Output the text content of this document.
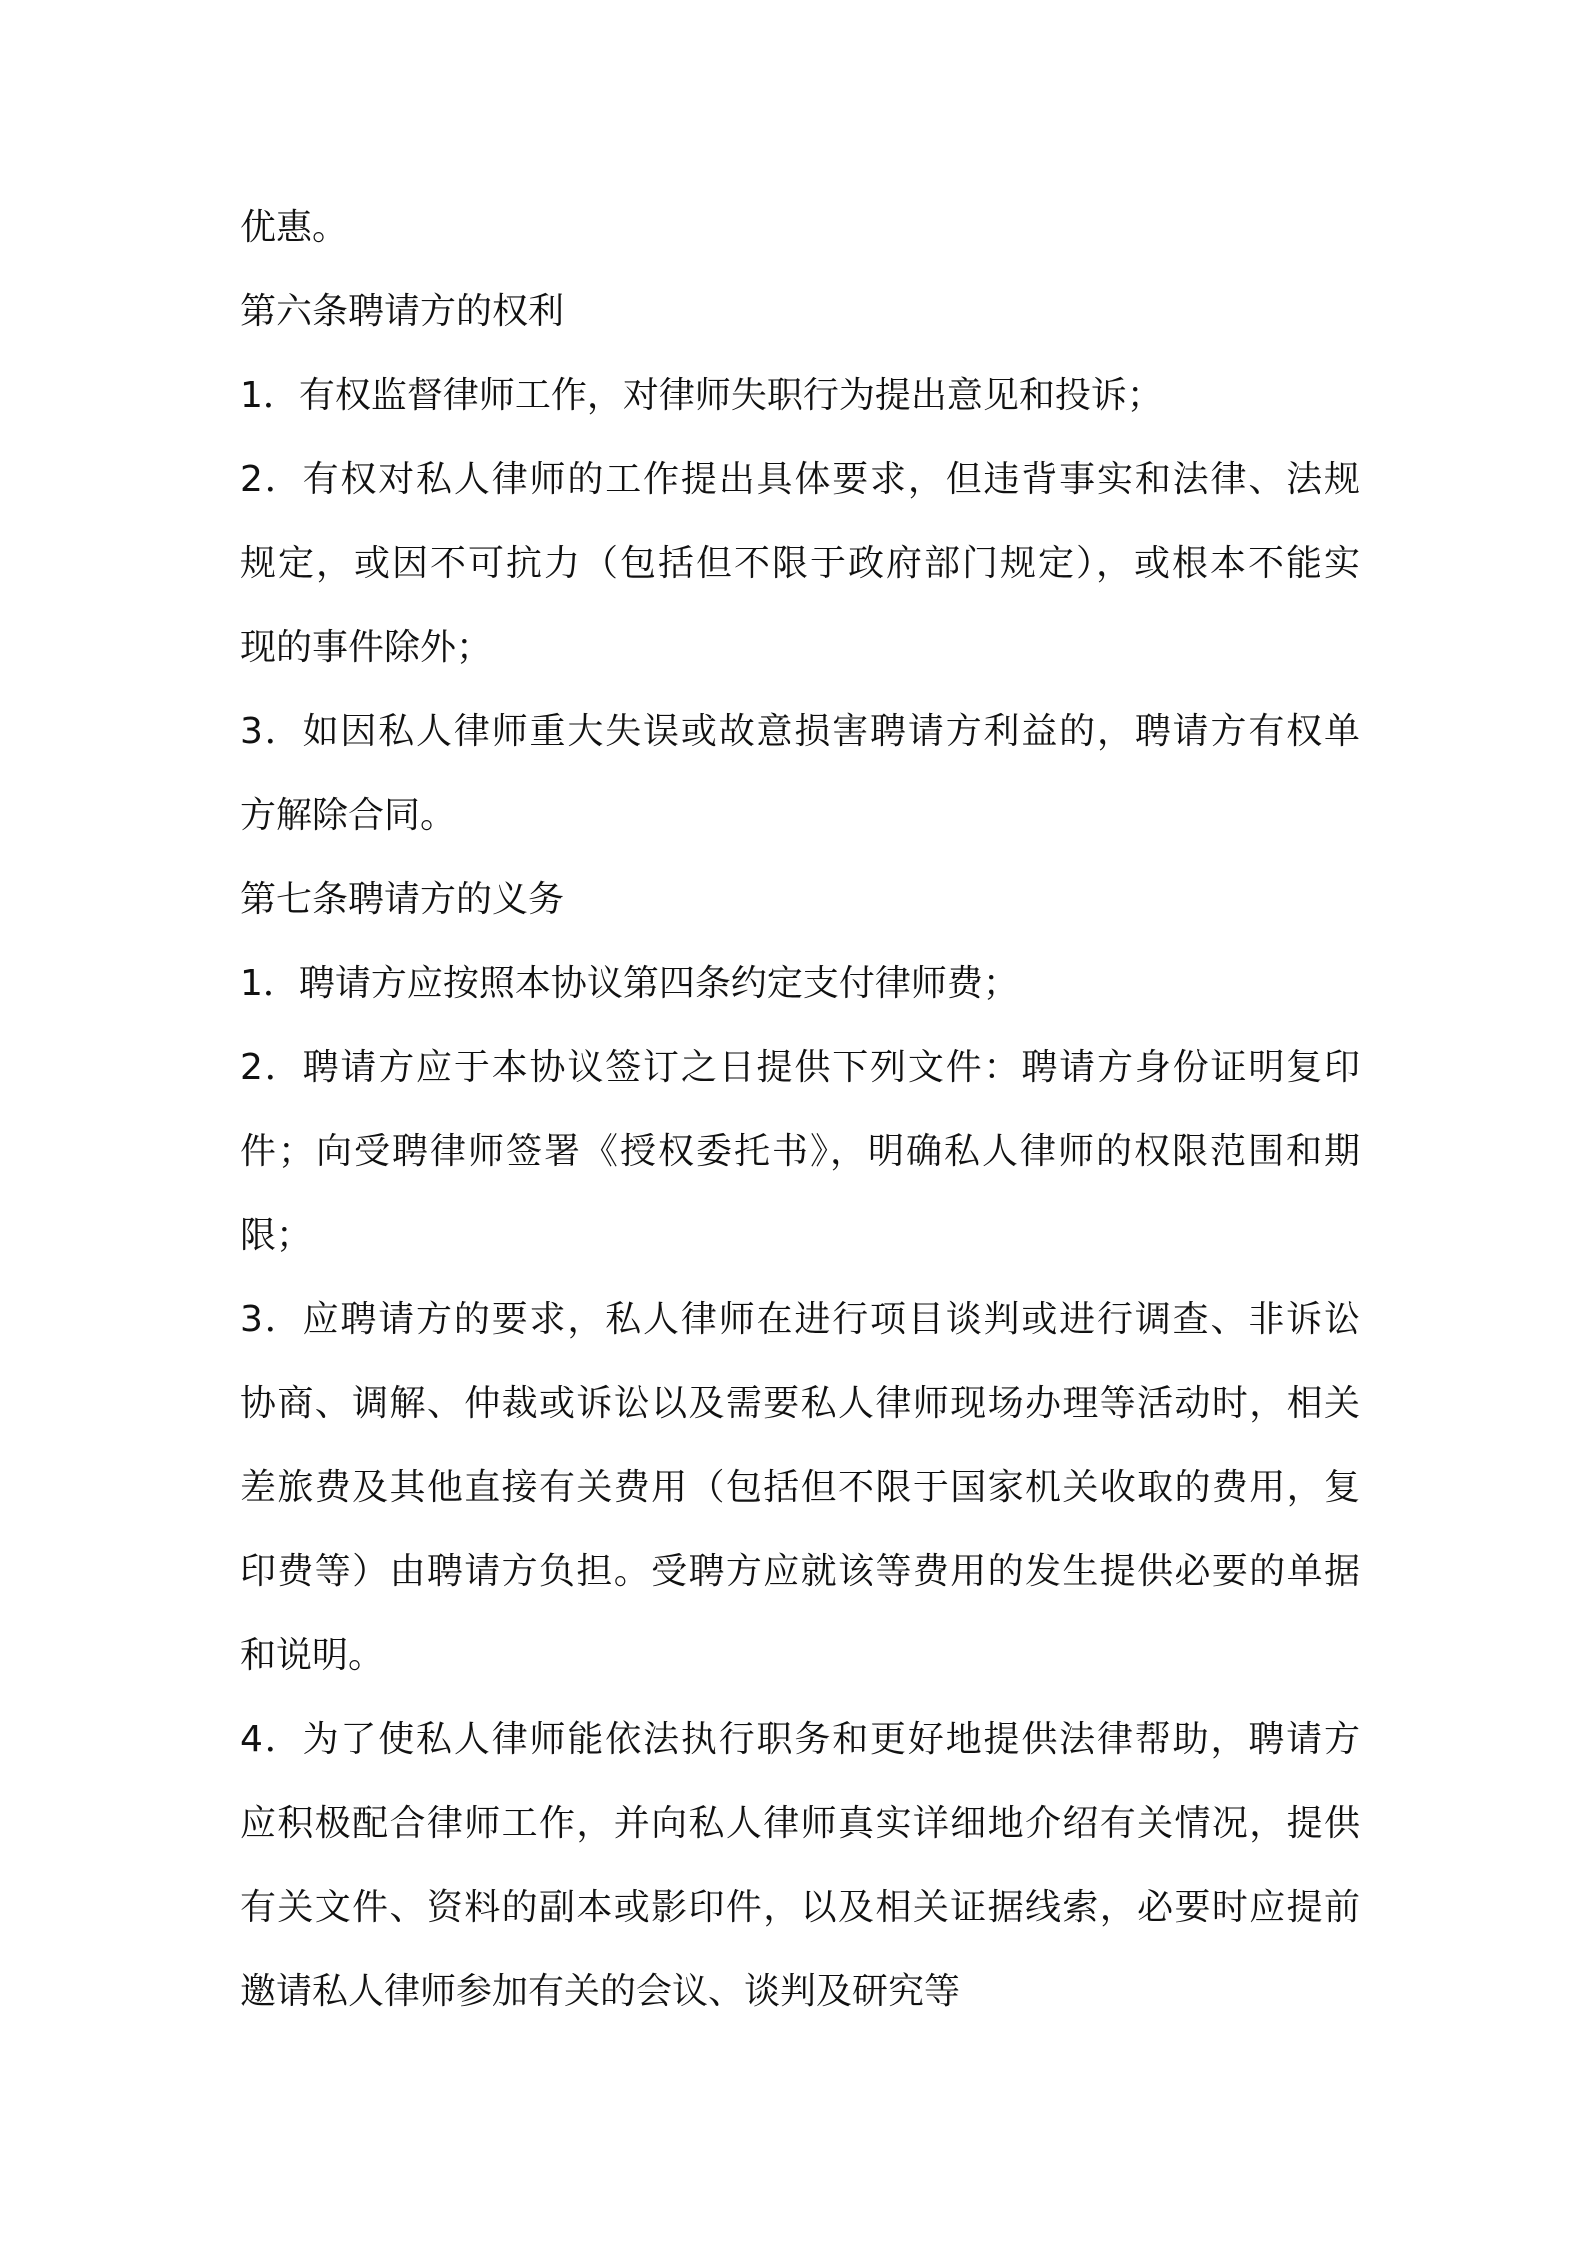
优惠。

第六条聘请方的权利

1．有权监督律师工作，对律师失职行为提出意见和投诉；

2．有权对私人律师的工作提出具体要求，但违背事实和法律、法规

规定，或因不可抗力（包括但不限于政府部门规定），或根本不能实

现的事件除外；

3．如因私人律师重大失误或故意损害聘请方利益的，聘请方有权单

方解除合同。

第七条聘请方的义务

1．聘请方应按照本协议第四条约定支付律师费；

2．聘请方应于本协议签订之日提供下列文件：聘请方身份证明复印

件；向受聘律师签署《授权委托书》，明确私人律师的权限范围和期

限；

3．应聘请方的要求，私人律师在进行项目谈判或进行调查、非诉讼

协商、调解、仲裁或诉讼以及需要私人律师现场办理等活动时，相关

差旅费及其他直接有关费用（包括但不限于国家机关收取的费用，复

印费等）由聘请方负担。受聘方应就该等费用的发生提供必要的单据

和说明。

4．为了使私人律师能依法执行职务和更好地提供法律帮助，聘请方

应积极配合律师工作，并向私人律师真实详细地介绍有关情况，提供

有关文件、资料的副本或影印件，以及相关证据线索，必要时应提前

邀请私人律师参加有关的会议、谈判及研究等
